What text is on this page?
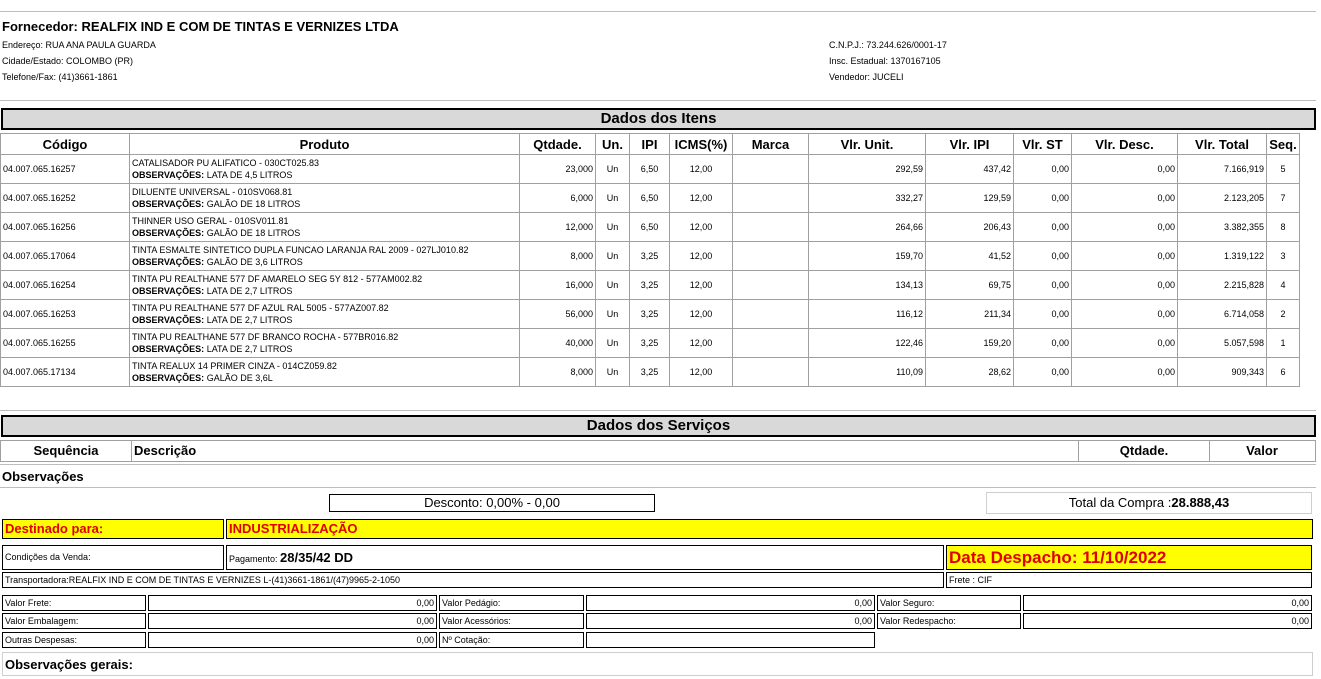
Fornecedor: REALFIX IND E COM DE TINTAS E VERNIZES LTDA
Endereço: RUA ANA PAULA GUARDA
Cidade/Estado: COLOMBO (PR)
Telefone/Fax: (41)3661-1861
C.N.P.J.: 73.244.626/0001-17
Insc. Estadual: 1370167105
Vendedor: JUCELI
Dados dos Itens
Código	Produto	Qtdade.	Un.	IPI	ICMS(%)	Marca	Vlr. Unit.	Vlr. IPI	Vlr. ST	Vlr. Desc.	Vlr. Total	Seq.
04.007.065.16257	CATALISADOR PU ALIFATICO - 030CT025.83
OBSERVAÇÕES: LATA DE 4,5 LITROS	23,000	Un	6,50	12,00		292,59	437,42	0,00	0,00	7.166,919	5
04.007.065.16252	DILUENTE UNIVERSAL - 010SV068.81
OBSERVAÇÕES: GALÃO DE 18 LITROS	6,000	Un	6,50	12,00		332,27	129,59	0,00	0,00	2.123,205	7
04.007.065.16256	THINNER USO GERAL - 010SV011.81
OBSERVAÇÕES: GALÃO DE 18 LITROS	12,000	Un	6,50	12,00		264,66	206,43	0,00	0,00	3.382,355	8
04.007.065.17064	TINTA ESMALTE SINTETICO DUPLA FUNCAO LARANJA RAL 2009 - 027LJ010.82
OBSERVAÇÕES: GALÃO DE 3,6 LITROS	8,000	Un	3,25	12,00		159,70	41,52	0,00	0,00	1.319,122	3
04.007.065.16254	TINTA PU REALTHANE 577 DF AMARELO SEG 5Y 812 - 577AM002.82
OBSERVAÇÕES: LATA DE 2,7 LITROS	16,000	Un	3,25	12,00		134,13	69,75	0,00	0,00	2.215,828	4
04.007.065.16253	TINTA PU REALTHANE 577 DF AZUL RAL 5005 - 577AZ007.82
OBSERVAÇÕES: LATA DE 2,7 LITROS	56,000	Un	3,25	12,00		116,12	211,34	0,00	0,00	6.714,058	2
04.007.065.16255	TINTA PU REALTHANE 577 DF BRANCO ROCHA - 577BR016.82
OBSERVAÇÕES: LATA DE 2,7 LITROS	40,000	Un	3,25	12,00		122,46	159,20	0,00	0,00	5.057,598	1
04.007.065.17134	TINTA REALUX 14 PRIMER CINZA - 014CZ059.82
OBSERVAÇÕES: GALÃO DE 3,6L	8,000	Un	3,25	12,00		110,09	28,62	0,00	0,00	909,343	6
Dados dos Serviços
Sequência	Descrição	Qtdade.	Valor
Observações
Desconto: 0,00% - 0,00	Total da Compra :28.888,43
Destinado para:	INDUSTRIALIZAÇÃO
Condições da Venda:	Pagamento: 28/35/42 DD	Data Despacho: 11/10/2022
Transportadora:REALFIX IND E COM DE TINTAS E VERNIZES L-(41)3661-1861/(47)9965-2-1050	Frete : CIF
Valor Frete:	0,00 Valor Pedágio:	0,00 Valor Seguro:	0,00
Valor Embalagem:	0,00 Valor Acessórios:	0,00 Valor Redespacho:	0,00
Outras Despesas:	0,00 Nº Cotação:
Observações gerais:
